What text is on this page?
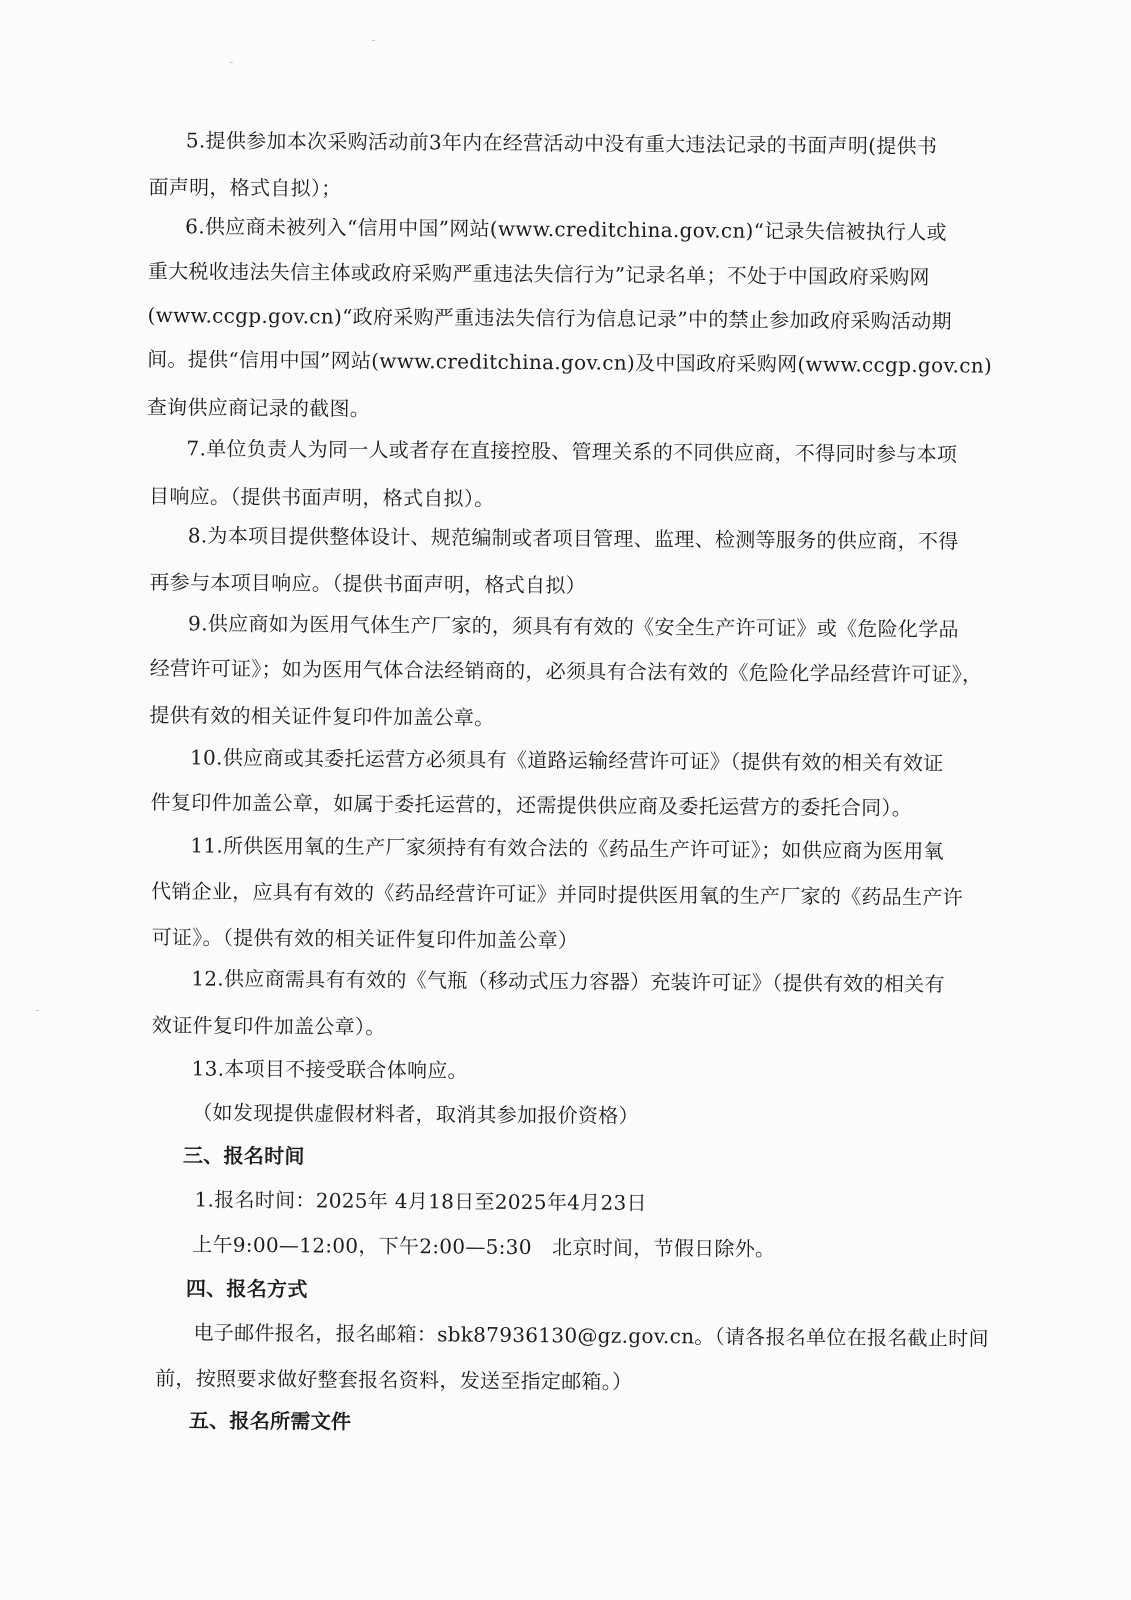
5.提供参加本次采购活动前3年内在经营活动中没有重大违法记录的书面声明(提供书
面声明，格式自拟）；
6.供应商未被列入“信用中国”网站(www.creditchina.gov.cn)“记录失信被执行人或
重大税收违法失信主体或政府采购严重违法失信行为”记录名单；不处于中国政府采购网
(www.ccgp.gov.cn)“政府采购严重违法失信行为信息记录”中的禁止参加政府采购活动期
间。提供“信用中国”网站(www.creditchina.gov.cn)及中国政府采购网(www.ccgp.gov.cn)
查询供应商记录的截图。
7.单位负责人为同一人或者存在直接控股、管理关系的不同供应商，不得同时参与本项
目响应。（提供书面声明，格式自拟）。
8.为本项目提供整体设计、规范编制或者项目管理、监理、检测等服务的供应商，不得
再参与本项目响应。（提供书面声明，格式自拟）
9.供应商如为医用气体生产厂家的，须具有有效的《安全生产许可证》或《危险化学品
经营许可证》；如为医用气体合法经销商的，必须具有合法有效的《危险化学品经营许可证》，
提供有效的相关证件复印件加盖公章。
10.供应商或其委托运营方必须具有《道路运输经营许可证》（提供有效的相关有效证
件复印件加盖公章，如属于委托运营的，还需提供供应商及委托运营方的委托合同）。
11.所供医用氧的生产厂家须持有有效合法的《药品生产许可证》；如供应商为医用氧
代销企业，应具有有效的《药品经营许可证》并同时提供医用氧的生产厂家的《药品生产许
可证》。（提供有效的相关证件复印件加盖公章）
12.供应商需具有有效的《气瓶（移动式压力容器）充装许可证》（提供有效的相关有
效证件复印件加盖公章）。
13.本项目不接受联合体响应。
（如发现提供虚假材料者，取消其参加报价资格）
三、报名时间
1.报名时间：2025年 4月18日至2025年4月23日
上午9:00—12:00，下午2:00—5:30　北京时间，节假日除外。
四、报名方式
电子邮件报名，报名邮箱：sbk87936130@gz.gov.cn。（请各报名单位在报名截止时间
前，按照要求做好整套报名资料，发送至指定邮箱。）
五、报名所需文件
